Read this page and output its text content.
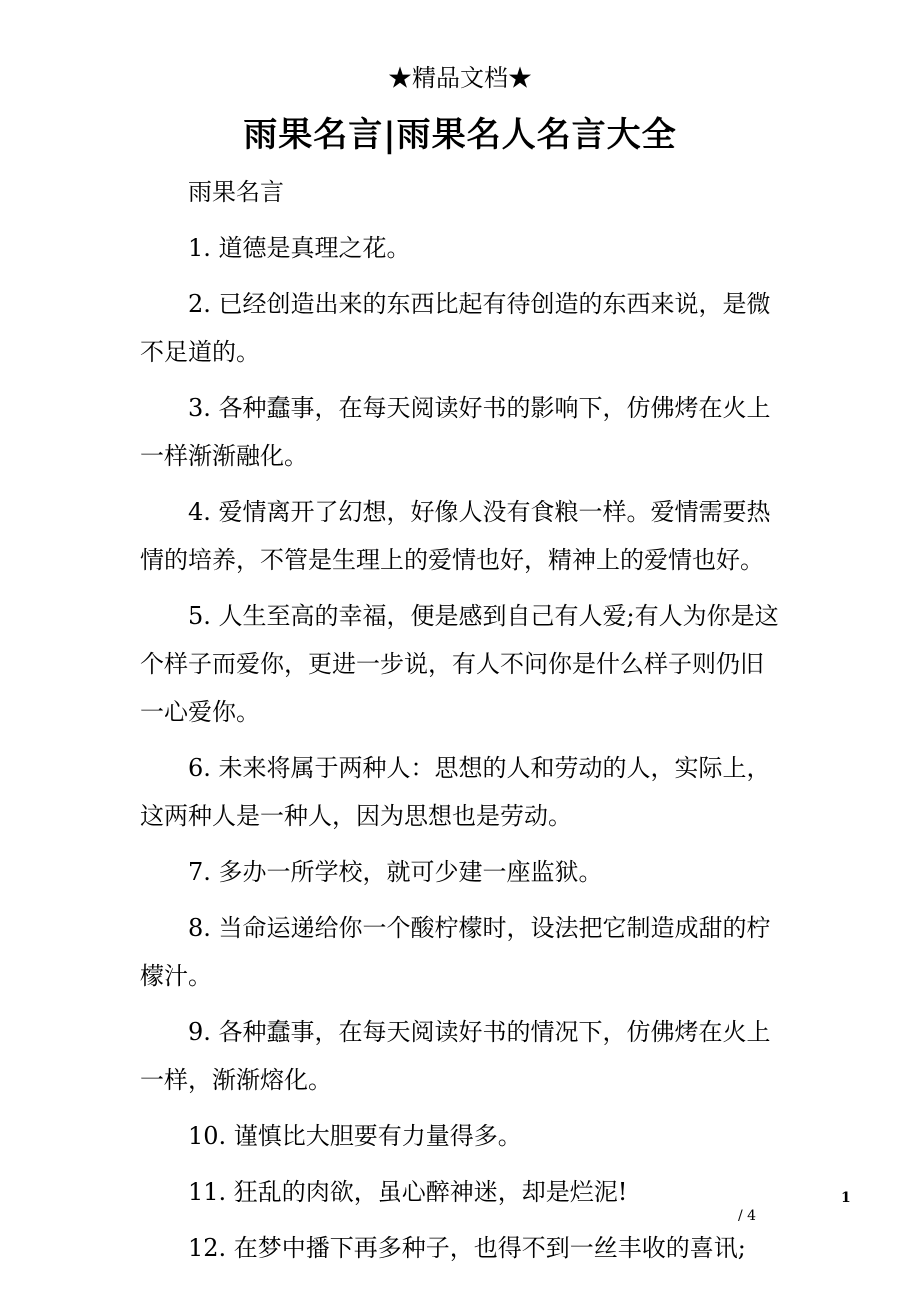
★精品文档★
雨果名言|雨果名人名言大全

雨果名言

1. 道德是真理之花。

2. 已经创造出来的东西比起有待创造的东西来说，是微不足道的。

3. 各种蠢事，在每天阅读好书的影响下，仿佛烤在火上一样渐渐融化。

4. 爱情离开了幻想，好像人没有食粮一样。爱情需要热情的培养，不管是生理上的爱情也好，精神上的爱情也好。

5. 人生至高的幸福，便是感到自己有人爱;有人为你是这个样子而爱你，更进一步说，有人不问你是什么样子则仍旧一心爱你。

6. 未来将属于两种人：思想的人和劳动的人，实际上，这两种人是一种人，因为思想也是劳动。

7. 多办一所学校，就可少建一座监狱。

8. 当命运递给你一个酸柠檬时，设法把它制造成甜的柠檬汁。

9. 各种蠢事，在每天阅读好书的情况下，仿佛烤在火上一样，渐渐熔化。

10. 谨慎比大胆要有力量得多。

11. 狂乱的肉欲，虽心醉神迷，却是烂泥!

12. 在梦中播下再多种子，也得不到一丝丰收的喜讯;

1
/ 4
